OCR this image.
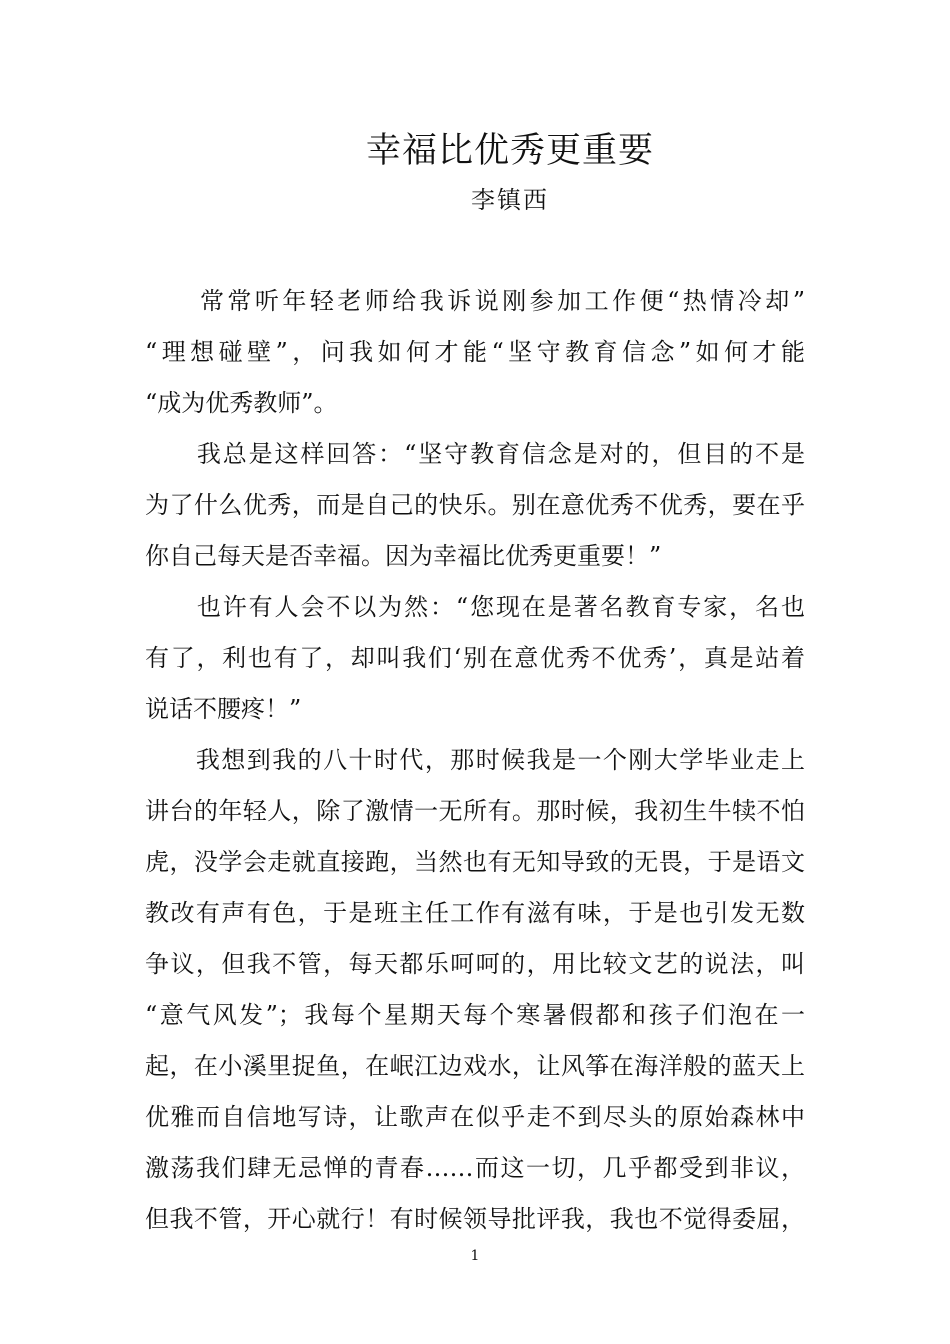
幸福比优秀更重要
李镇西

　　常常听年轻老师给我诉说刚参加工作便“热情冷却”
“理想碰壁”，问我如何才能“坚守教育信念”如何才能
“成为优秀教师”。

　　我总是这样回答：“坚守教育信念是对的，但目的不是
为了什么优秀，而是自己的快乐。别在意优秀不优秀，要在乎
你自己每天是否幸福。因为幸福比优秀更重要！”

　　也许有人会不以为然：“您现在是著名教育专家，名也
有了，利也有了，却叫我们‘别在意优秀不优秀’，真是站着
说话不腰疼！”

　　我想到我的八十时代，那时候我是一个刚大学毕业走上
讲台的年轻人，除了激情一无所有。那时候，我初生牛犊不怕
虎，没学会走就直接跑，当然也有无知导致的无畏，于是语文
教改有声有色，于是班主任工作有滋有味，于是也引发无数
争议，但我不管，每天都乐呵呵的，用比较文艺的说法，叫
“意气风发”；我每个星期天每个寒暑假都和孩子们泡在一
起，在小溪里捉鱼，在岷江边戏水，让风筝在海洋般的蓝天上
优雅而自信地写诗，让歌声在似乎走不到尽头的原始森林中
激荡我们肆无忌惮的青春……而这一切，几乎都受到非议，
但我不管，开心就行！有时候领导批评我，我也不觉得委屈，

1
